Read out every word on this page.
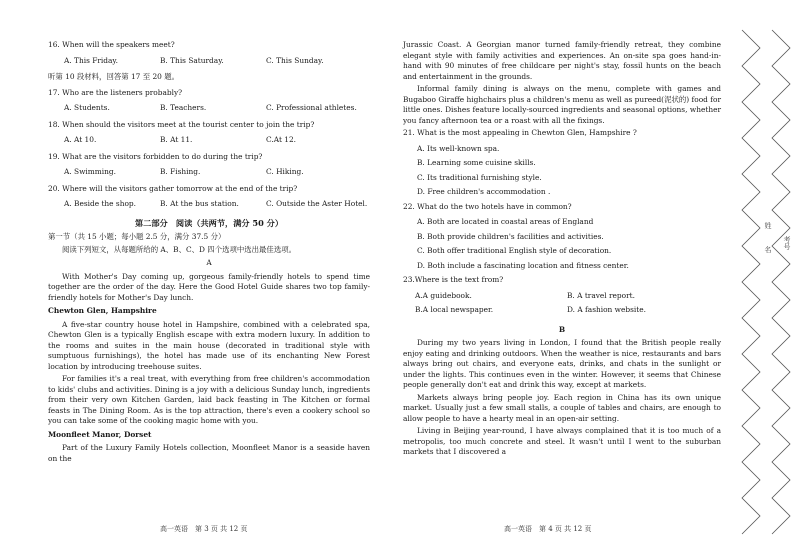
16. When will the speakers meet?
A. This Friday.	B. This Saturday.	C. This Sunday.
听第 10 段材料，回答第 17 至 20 题。
17. Who are the listeners probably?
A. Students.	B. Teachers.	C. Professional athletes.
18. When should the visitors meet at the tourist center to join the trip?
A. At 10.	B. At 11.	C.At 12.
19. What are the visitors forbidden to do during the trip?
A. Swimming.	B. Fishing.	C. Hiking.
20. Where will the visitors gather tomorrow at the end of the trip?
A. Beside the shop.	B. At the bus station.	C. Outside the Aster Hotel.
第二部分　阅读（共两节，满分 50 分）
第一节（共 15 小题；每小题 2.5 分，满分 37.5 分）
阅读下列短文，从每题所给的 A、B、C、D 四个选项中选出最佳选项。
A
With Mother's Day coming up, gorgeous family-friendly hotels to spend time together are the order of the day. Here the Good Hotel Guide shares two top family-friendly hotels for Mother's Day lunch.
Chewton Glen, Hampshire
A five-star country house hotel in Hampshire, combined with a celebrated spa, Chewton Glen is a typically English escape with extra modern luxury. In addition to the rooms and suites in the main house (decorated in traditional style with sumptuous furnishings), the hotel has made use of its enchanting New Forest location by introducing treehouse suites.
For families it's a real treat, with everything from free children's accommodation to kids' clubs and activities. Dining is a joy with a delicious Sunday lunch, ingredients from their very own Kitchen Garden, laid back feasting in The Kitchen or formal feasts in The Dining Room. As is the top attraction, there's even a cookery school so you can take some of the cooking magic home with you.
Moonfleet Manor, Dorset
Part of the Luxury Family Hotels collection, Moonfleet Manor is a seaside haven on the
Jurassic Coast. A Georgian manor turned family-friendly retreat, they combine elegant style with family activities and experiences. An on-site spa goes hand-in-hand with 90 minutes of free childcare per night's stay, fossil hunts on the beach and entertainment in the grounds.
Informal family dining is always on the menu, complete with games and Bugaboo Giraffe highchairs plus a children's menu as well as pureed(泥状的) food for little ones. Dishes feature locally-sourced ingredients and seasonal options, whether you fancy afternoon tea or a roast with all the fixings.
21. What is the most appealing in Chewton Glen, Hampshire ?
A. Its well-known spa.
B. Learning some cuisine skills.
C. Its traditional furnishing style.
D. Free children's accommodation .
22. What do the two hotels have in common?
A. Both are located in coastal areas of England
B. Both provide children's facilities and activities.
C. Both offer traditional English style of decoration.
D. Both include a fascinating location and fitness center.
23.Where is the text from?
A.A guidebook.	B. A travel report.
B.A local newspaper.	D. A fashion website.
B
During my two years living in London, I found that the British people really enjoy eating and drinking outdoors. When the weather is nice, restaurants and bars always bring out chairs, and everyone eats, drinks, and chats in the sunlight or under the lights. This continues even in the winter. However, it seems that Chinese people generally don't eat and drink this way, except at markets.
Markets always bring people joy. Each region in China has its own unique market. Usually just a few small stalls, a couple of tables and chairs, are enough to allow people to have a hearty meal in an open-air setting.
Living in Beijing year-round, I have always complained that it is too much of a metropolis, too much concrete and steel. It wasn't until I went to the suburban markets that I discovered a
高一英语　第 3 页 共 12 页	高一英语　第 4 页 共 12 页
姓
名 考号
